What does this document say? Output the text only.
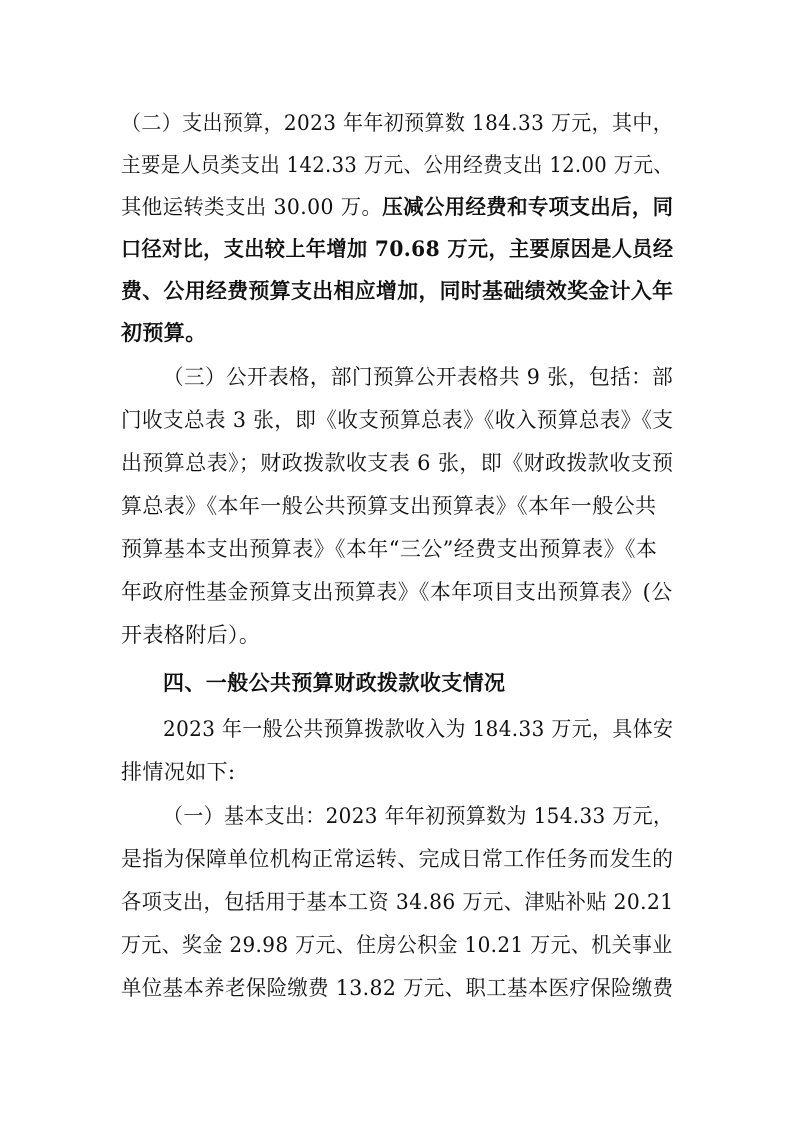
（二）支出预算，2023 年年初预算数 184.33 万元，其中，
主要是人员类支出 142.33 万元、公用经费支出 12.00 万元、
其他运转类支出 30.00 万。压减公用经费和专项支出后，同
口径对比，支出较上年增加 70.68 万元，主要原因是人员经
费、公用经费预算支出相应增加，同时基础绩效奖金计入年
初预算。
（三）公开表格，部门预算公开表格共 9 张，包括：部
门收支总表 3 张，即《收支预算总表》《收入预算总表》《支
出预算总表》；财政拨款收支表 6 张，即《财政拨款收支预
算总表》《本年一般公共预算支出预算表》《本年一般公共
预算基本支出预算表》《本年“三公”经费支出预算表》《本
年政府性基金预算支出预算表》《本年项目支出预算表》(公
开表格附后）。
四、一般公共预算财政拨款收支情况
2023 年一般公共预算拨款收入为 184.33 万元，具体安
排情况如下:
（一）基本支出：2023 年年初预算数为 154.33 万元，
是指为保障单位机构正常运转、完成日常工作任务而发生的
各项支出，包括用于基本工资 34.86 万元、津贴补贴 20.21
万元、奖金 29.98 万元、住房公积金 10.21 万元、机关事业
单位基本养老保险缴费 13.82 万元、职工基本医疗保险缴费
